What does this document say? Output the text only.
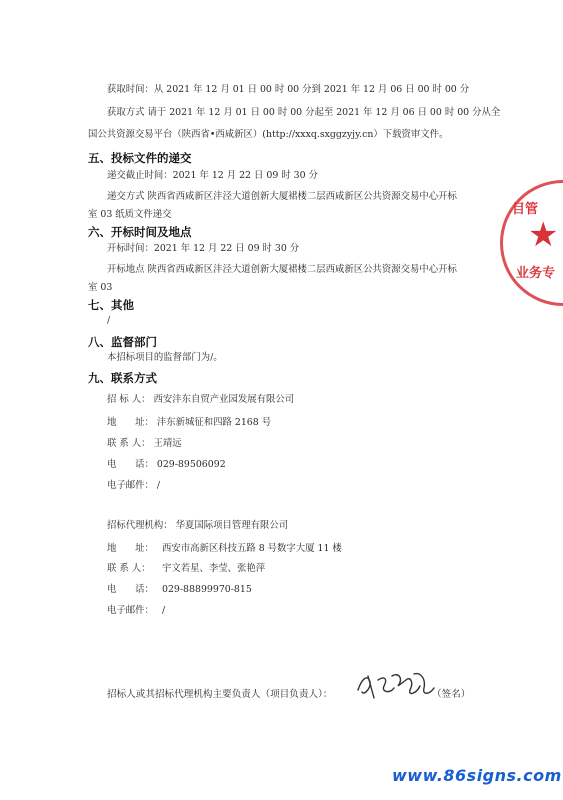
获取时间：从 2021 年 12 月 01 日 00 时 00 分到 2021 年 12 月 06 日 00 时 00 分
获取方式 请于 2021 年 12 月 01 日 00 时 00 分起至 2021 年 12 月 06 日 00 时 00 分从全
国公共资源交易平台（陕西省•西咸新区）(http://xxxq.sxggzyjy.cn）下载资审文件。
五、投标文件的递交
递交截止时间：2021 年 12 月 22 日 09 时 30 分
递交方式 陕西省西咸新区沣泾大道创新大厦裙楼二层西咸新区公共资源交易中心开标
室 03 纸质文件递交
六、开标时间及地点
开标时间：2021 年 12 月 22 日 09 时 30 分
开标地点 陕西省西咸新区沣泾大道创新大厦裙楼二层西咸新区公共资源交易中心开标
室 03
七、其他
/
八、监督部门
本招标项目的监督部门为/。
九、联系方式
招 标 人： 西安沣东自贸产业园发展有限公司
地　　址： 沣东新城征和四路 2168 号
联 系 人： 王靖远
电　　话： 029-89506092
电子邮件： /
招标代理机构： 华夏国际项目管理有限公司
地　　址： 西安市高新区科技五路 8 号数字大厦 11 楼
联 系 人： 宇文若星、李莹、张艳萍
电　　话： 029-88899970-815
电子邮件： /
招标人或其招标代理机构主要负责人（项目负责人）：	（签名）
目管
★
业务专
www.86signs.com
